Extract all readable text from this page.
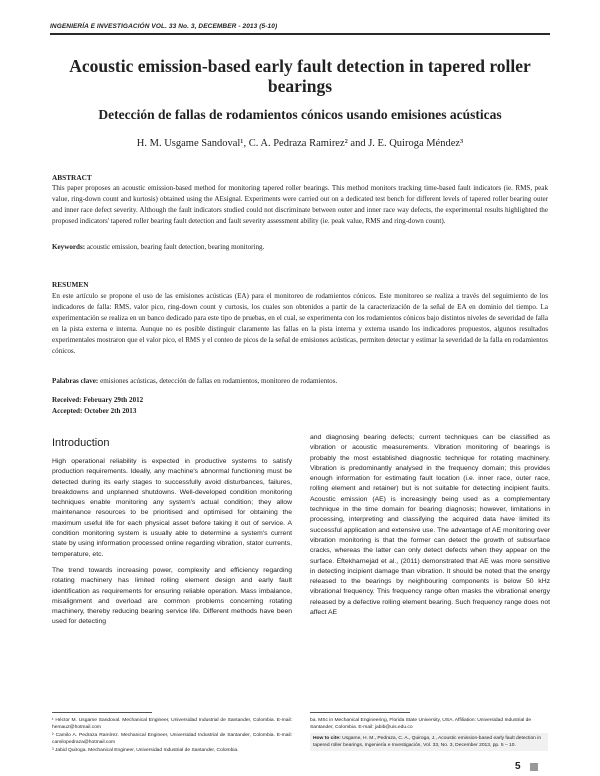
INGENIERÍA E INVESTIGACIÓN VOL. 33 No. 3, DECEMBER - 2013 (5-10)
Acoustic emission-based early fault detection in tapered roller bearings
Detección de fallas de rodamientos cónicos usando emisiones acústicas
H. M. Usgame Sandoval¹, C. A. Pedraza Ramirez² and J. E. Quiroga Méndez³
ABSTRACT
This paper proposes an acoustic emission-based method for monitoring tapered roller bearings. This method monitors tracking time-based fault indicators (ie. RMS, peak value, ring-down count and kurtosis) obtained using the AEsignal. Experiments were carried out on a dedicated test bench for different levels of tapered roller bearing outer and inner race defect severity. Although the fault indicators studied could not discriminate between outer and inner race way defects, the experimental results highlighted the proposed indicators' tapered roller bearing fault detection and fault severity assessment ability (ie. peak value, RMS and ring-down count).
Keywords: acoustic emission, bearing fault detection, bearing monitoring.
RESUMEN
En este artículo se propone el uso de las emisiones acústicas (EA) para el monitoreo de rodamientos cónicos. Este monitoreo se realiza a través del seguimiento de los indicadores de falla: RMS, valor pico, ring-down count y curtosis, los cuales son obtenidos a partir de la caracterización de la señal de EA en dominio del tiempo. La experimentación se realiza en un banco dedicado para este tipo de pruebas, en el cual, se experimenta con los rodamientos cónicos bajo distintos niveles de severidad de falla en la pista externa e interna. Aunque no es posible distinguir claramente las fallas en la pista interna y externa usando los indicadores propuestos, algunos resultados experimentales mostraron que el valor pico, el RMS y el conteo de picos de la señal de emisiones acústicas, permiten detectar y estimar la severidad de la falla en rodamientos cónicos.
Palabras clave: emisiones acústicas, detección de fallas en rodamientos, monitoreo de rodamientos.
Received: February 29th 2012
Accepted: October 2th 2013
Introduction

High operational reliability is expected in productive systems to satisfy production requirements. Ideally, any machine's abnormal functioning must be detected during its early stages to successfully avoid disturbances, failures, breakdowns and unplanned shutdowns. Well-developed condition monitoring techniques enable monitoring any system's actual condition; they allow maintenance resources to be prioritised and optimised for obtaining the maximum useful life for each physical asset before taking it out of service. A condition monitoring system is usually able to determine a system's current state by using information processed online regarding vibration, stator currents, temperature, etc.

The trend towards increasing power, complexity and efficiency regarding rotating machinery has limited rolling element design and early fault identification as requirements for ensuring reliable operation. Mass imbalance, misalignment and overload are common problems concerning rotating machinery, thereby reducing bearing service life. Different methods have been used for detecting

and diagnosing bearing defects; current techniques can be classified as vibration or acoustic measurements. Vibration monitoring of bearings is probably the most established diagnostic technique for rotating machinery. Vibration is predominantly analysed in the frequency domain; this provides enough information for estimating fault location (i.e. inner race, outer race, rolling element and retainer) but is not suitable for detecting incipient faults. Acoustic emission (AE) is increasingly being used as a complementary technique in the time domain for bearing diagnosis; however, limitations in processing, interpreting and classifying the acquired data have limited its successful application and extensive use. The advantage of AE monitoring over vibration monitoring is that the former can detect the growth of subsurface cracks, whereas the latter can only detect defects when they appear on the surface. Eftekharnejad et al., (2011) demonstrated that AE was more sensitive in detecting incipient damage than vibration. It should be noted that the energy released to the bearings by neighbouring components is below 50 kHz vibrational frequency. This frequency range often masks the vibrational energy released by a defective rolling element bearing. Such frequency range does not affect AE

¹ Héctor M. Usgame Sandoval. Mechanical Engineer, Universidad Industrial de Santander, Colombia. E-mail: hemau2@hotmail.com

² Camilo A. Pedraza Ramírez. Mechanical Engineer, Universidad Industrial de Santander, Colombia. E-mail: camilopedraza@hotmail.com

³ Jabid Quiroga. Mechanical Engineer, Universidad Industrial de Santander, Colombia.

ba. MSc in Mechanical Engineering, Florida State University, USA. Affiliation: Universidad Industrial de Santander, Colombia. E-mail: jabib@uis.edu.co
How to cite: Usgame, H. M., Pedraza, C. A., Quiroga, J., Acoustic emission-based early fault detection in tapered roller bearings, Ingeniería e Investigación, Vol. 33, No. 3, December 2013, pp. 5 – 10.
5
